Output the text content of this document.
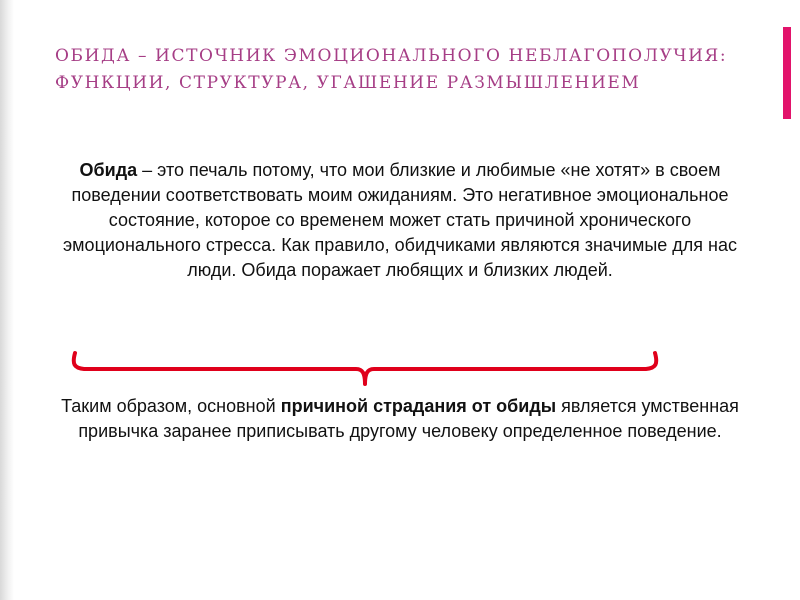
ОБИДА – ИСТОЧНИК ЭМОЦИОНАЛЬНОГО НЕБЛАГОПОЛУЧИЯ: ФУНКЦИИ, СТРУКТУРА, УГАШЕНИЕ РАЗМЫШЛЕНИЕМ

Обида – это печаль потому, что мои близкие и любимые «не хотят» в своем поведении соответствовать моим ожиданиям. Это негативное эмоциональное состояние, которое со временем может стать причиной хронического эмоционального стресса. Как правило, обидчиками являются значимые для нас люди. Обида поражает любящих и близких людей.

Таким образом, основной причиной страдания от обиды является умственная привычка заранее приписывать другому человеку определенное поведение.
